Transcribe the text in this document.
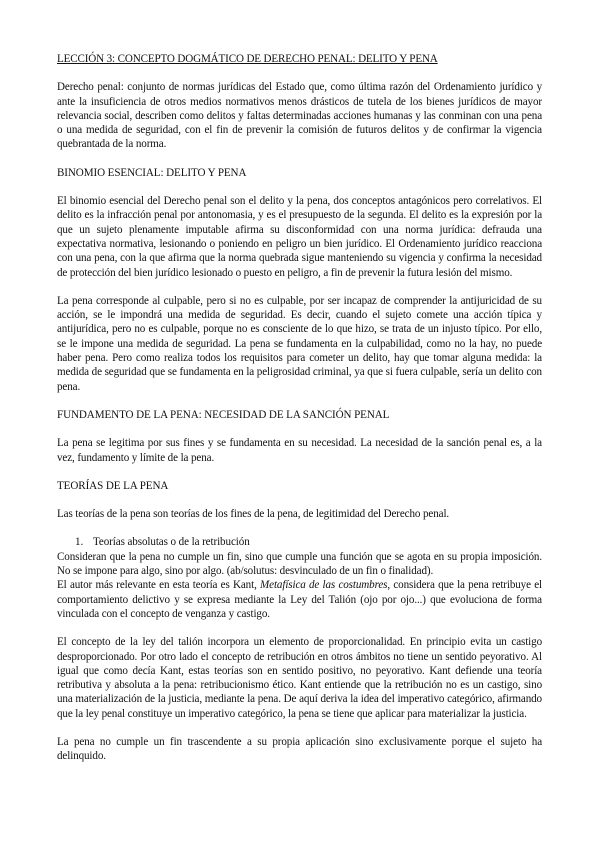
LECCIÓN 3: CONCEPTO DOGMÁTICO DE DERECHO PENAL: DELITO Y PENA

Derecho penal: conjunto de normas jurídicas del Estado que, como última razón del Ordenamiento jurídico y ante la insuficiencia de otros medios normativos menos drásticos de tutela de los bienes jurídicos de mayor relevancia social, describen como delitos y faltas determinadas acciones humanas y las conminan con una pena o una medida de seguridad, con el fin de prevenir la comisión de futuros delitos y de confirmar la vigencia quebrantada de la norma.

BINOMIO ESENCIAL: DELITO Y PENA

El binomio esencial del Derecho penal son el delito y la pena, dos conceptos antagónicos pero correlativos. El delito es la infracción penal por antonomasia, y es el presupuesto de la segunda. El delito es la expresión por la que un sujeto plenamente imputable afirma su disconformidad con una norma jurídica: defrauda una expectativa normativa, lesionando o poniendo en peligro un bien jurídico. El Ordenamiento jurídico reacciona con una pena, con la que afirma que la norma quebrada sigue manteniendo su vigencia y confirma la necesidad de protección del bien jurídico lesionado o puesto en peligro, a fin de prevenir la futura lesión del mismo.

La pena corresponde al culpable, pero si no es culpable, por ser incapaz de comprender la antijuricidad de su acción, se le impondrá una medida de seguridad. Es decir, cuando el sujeto comete una acción típica y antijurídica, pero no es culpable, porque no es consciente de lo que hizo, se trata de un injusto típico. Por ello, se le impone una medida de seguridad. La pena se fundamenta en la culpabilidad, como no la hay, no puede haber pena. Pero como realiza todos los requisitos para cometer un delito, hay que tomar alguna medida: la medida de seguridad que se fundamenta en la peligrosidad criminal, ya que si fuera culpable, sería un delito con pena.

FUNDAMENTO DE LA PENA: NECESIDAD DE LA SANCIÓN PENAL

La pena se legitima por sus fines y se fundamenta en su necesidad. La necesidad de la sanción penal es, a la vez, fundamento y límite de la pena.

TEORÍAS DE LA PENA

Las teorías de la pena son teorías de los fines de la pena, de legitimidad del Derecho penal.

1. Teorías absolutas o de la retribución

Consideran que la pena no cumple un fin, sino que cumple una función que se agota en su propia imposición. No se impone para algo, sino por algo. (ab/solutus: desvinculado de un fin o finalidad).

El autor más relevante en esta teoría es Kant, Metafísica de las costumbres, considera que la pena retribuye el comportamiento delictivo y se expresa mediante la Ley del Talión (ojo por ojo...) que evoluciona de forma vinculada con el concepto de venganza y castigo.

El concepto de la ley del talión incorpora un elemento de proporcionalidad. En principio evita un castigo desproporcionado. Por otro lado el concepto de retribución en otros ámbitos no tiene un sentido peyorativo. Al igual que como decía Kant, estas teorías son en sentido positivo, no peyorativo. Kant defiende una teoría retributiva y absoluta a la pena: retribucionismo ético. Kant entiende que la retribución no es un castigo, sino una materialización de la justicia, mediante la pena. De aquí deriva la idea del imperativo categórico, afirmando que la ley penal constituye un imperativo categórico, la pena se tiene que aplicar para materializar la justicia.

La pena no cumple un fin trascendente a su propia aplicación sino exclusivamente porque el sujeto ha delinquido.
